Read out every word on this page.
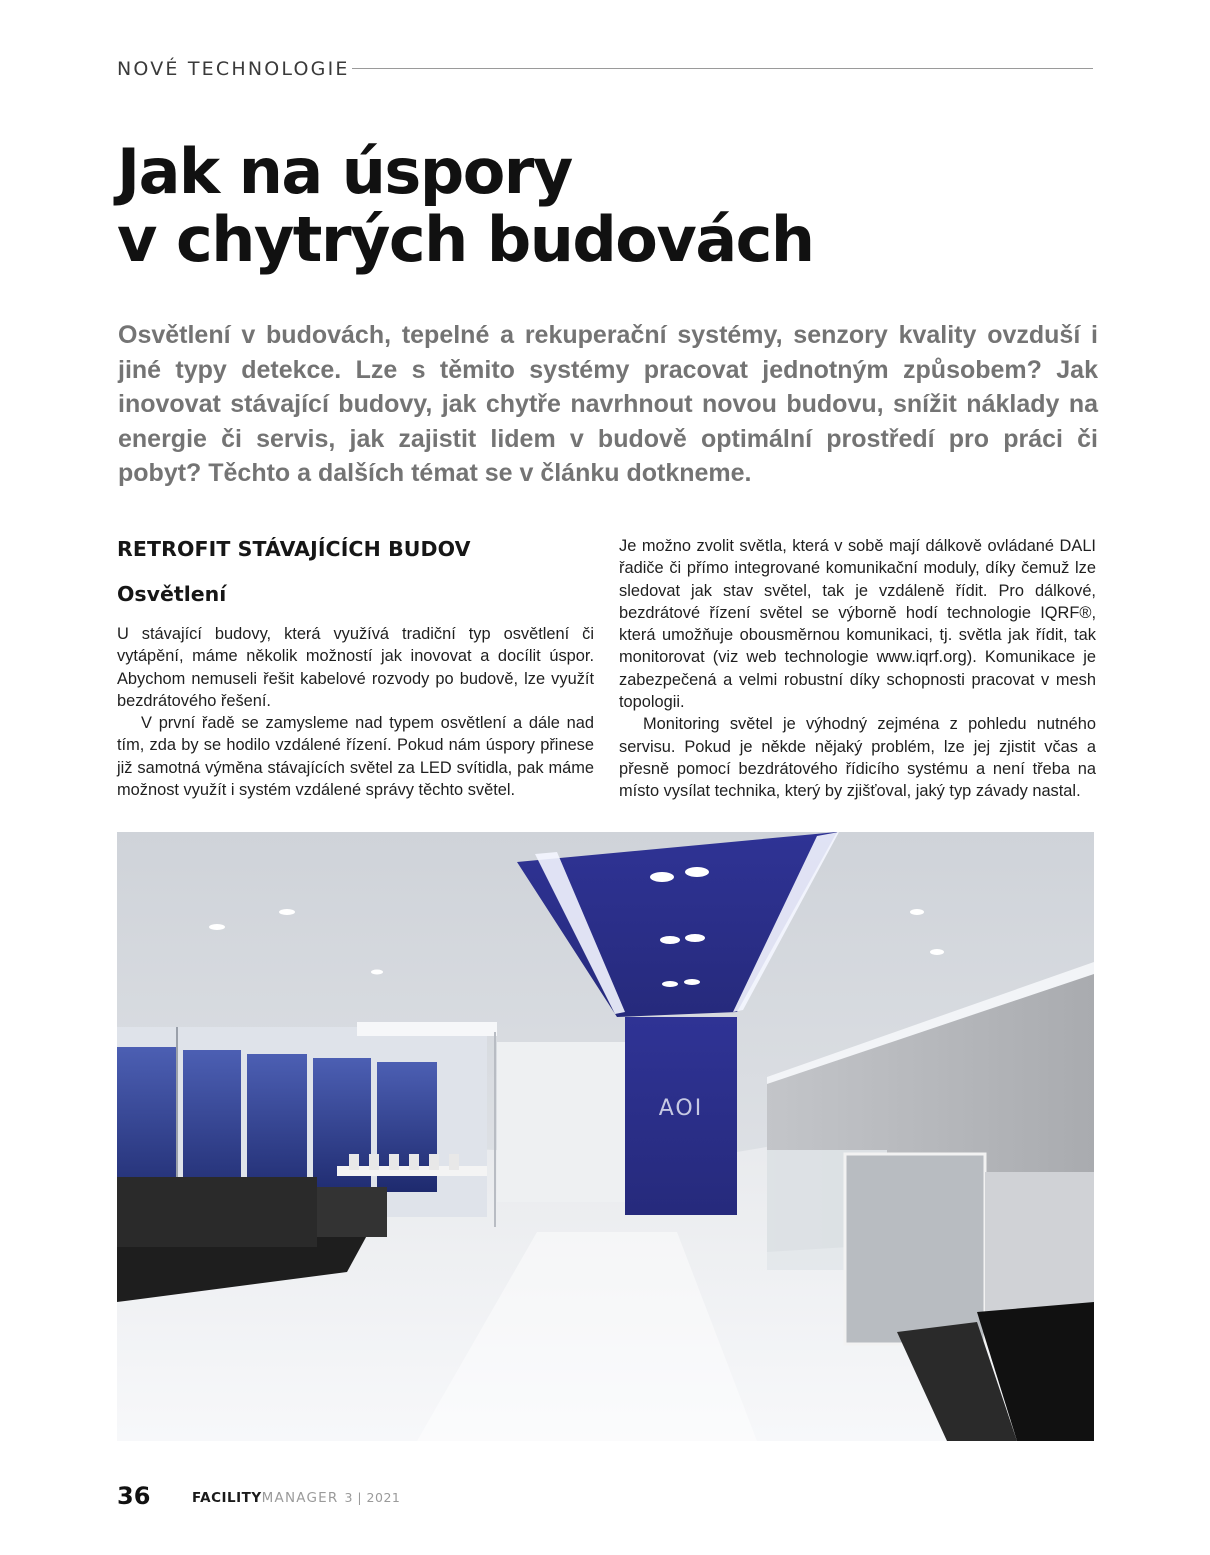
NOVÉ TECHNOLOGIE
Jak na úspory
v chytrých budovách

Osvětlení v budovách, tepelné a rekuperační systémy, senzory kvality ovzduší i jiné typy detekce. Lze s těmito systémy pracovat jednotným způsobem? Jak inovovat stávající budovy, jak chytře navrhnout novou budovu, snížit náklady na energie či servis, jak zajistit lidem v budově optimální prostředí pro práci či pobyt? Těchto a dalších témat se v článku dotkneme.

RETROFIT STÁVAJÍCÍCH BUDOV
Osvětlení

U stávající budovy, která využívá tradiční typ osvětlení či vytápění, máme několik možností jak inovovat a docílit úspor. Abychom nemuseli řešit kabelové rozvody po budově, lze využít bezdrátového řešení.

V první řadě se zamysleme nad typem osvětlení a dále nad tím, zda by se hodilo vzdálené řízení. Pokud nám úspory přinese již samotná výměna stávajících světel za LED svítidla, pak máme možnost využít i systém vzdálené správy těchto světel.

Je možno zvolit světla, která v sobě mají dálkově ovládané DALI řadiče či přímo integrované komunikační moduly, díky čemuž lze sledovat jak stav světel, tak je vzdáleně řídit. Pro dálkové, bezdrátové řízení světel se výborně hodí technologie IQRF®, která umožňuje obousměrnou komunikaci, tj. světla jak řídit, tak monitorovat (viz web technologie www.iqrf.org). Komunikace je zabezpečená a velmi robustní díky schopnosti pracovat v mesh topologii.

Monitoring světel je výhodný zejména z pohledu nutného servisu. Pokud je někde nějaký problém, lze jej zjistit včas a přesně pomocí bezdrátového řídicího systému a není třeba na místo vysílat technika, který by zjišťoval, jaký typ závady nastal.

AOI
36	FACILITYMANAGER 3 | 2021
